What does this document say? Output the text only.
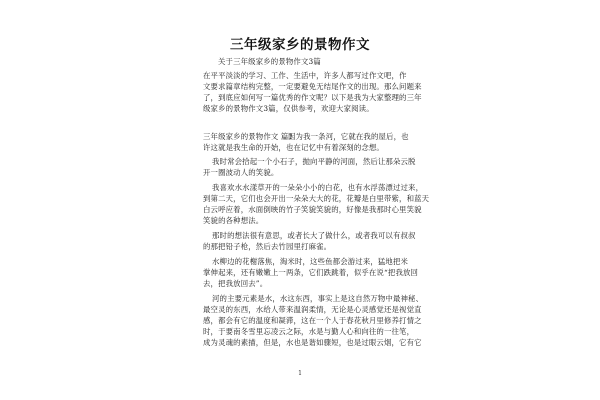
三年级家乡的景物作文
关于三年级家乡的景物作文3篇
在平平淡淡的学习、工作、生活中，许多人都写过作文吧，作
文要求篇章结构完整，一定要避免无结尾作文的出现。那么问题来
了，到底应如何写一篇优秀的作文呢？以下是我为大家整理的三年
级家乡的景物作文3篇，仅供参考，欢迎大家阅读。
三年级家乡的景物作文 篇1
因为我一条河，它就在我的屋后，也
许这就是我生命的开始，也在记忆中有着深刻的念想。
我时常会拾起一个小石子，抛向平静的河面，然后让那朵云脱
开一圈波动人的笑貌。
我喜欢水水漾草开的一朵朵小小的白花，也有水浮荡漂过过来，
到第二天，它们也会开出一朵朵大大的花，花瓣是白里带紫，和蓝天
白云呼应着，水面倒映的竹子笑貌笑貌的，好像是我那时心里笑貌
笑貌的各种想法。
那时的想法很有意思，或者长大了做什么，或者我可以有叔叔
的那把铅子枪，然后去竹园里打麻雀。
水柳边的花榭落焦，淘米时，这些鱼都会游过来，猛地把米
掌伸起来，还有嫩嫩上一两条，它们跌跳着，似乎在说“把我放回
去，把我放回去”。
河的主要元素是水，水这东西，事实上是这自然万物中最神秘、
最空灵的东西，水给人带来温润柔情，无论是心灵感觉还是视觉直
感，都会有它的温度和凝滞，这在一个人于春花秋月里修养打情之
时，于要南冬雪里忘凌云之际，水是与勤人心和向往的一往笔，
成为灵魂的素描，但是，水也是谐如骤短，也是过眼云烟，它有它
1
